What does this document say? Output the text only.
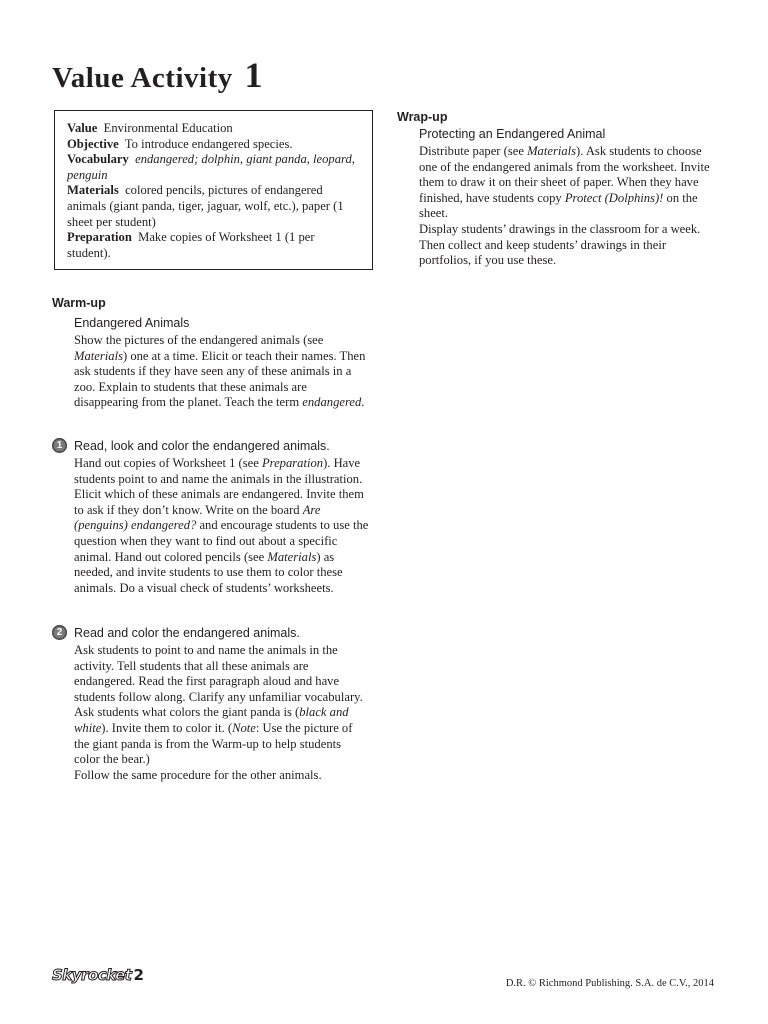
Value Activity 1
Value Environmental Education
Objective To introduce endangered species.
Vocabulary endangered; dolphin, giant panda, leopard, penguin
Materials colored pencils, pictures of endangered animals (giant panda, tiger, jaguar, wolf, etc.), paper (1 sheet per student)
Preparation Make copies of Worksheet 1 (1 per student).
Warm-up
Endangered Animals
Show the pictures of the endangered animals (see Materials) one at a time. Elicit or teach their names. Then ask students if they have seen any of these animals in a zoo. Explain to students that these animals are disappearing from the planet. Teach the term endangered.
1 Read, look and color the endangered animals.
Hand out copies of Worksheet 1 (see Preparation). Have students point to and name the animals in the illustration. Elicit which of these animals are endangered. Invite them to ask if they don’t know. Write on the board Are (penguins) endangered? and encourage students to use the question when they want to find out about a specific animal. Hand out colored pencils (see Materials) as needed, and invite students to use them to color these animals. Do a visual check of students’ worksheets.
2 Read and color the endangered animals.

Ask students to point to and name the animals in the activity. Tell students that all these animals are endangered. Read the first paragraph aloud and have students follow along. Clarify any unfamiliar vocabulary. Ask students what colors the giant panda is (black and white). Invite them to color it. (Note: Use the picture of the giant panda is from the Warm-up to help students color the bear.)

Follow the same procedure for the other animals.

Wrap-up
Protecting an Endangered Animal

Distribute paper (see Materials). Ask students to choose one of the endangered animals from the worksheet. Invite them to draw it on their sheet of paper. When they have finished, have students copy Protect (Dolphins)! on the sheet.

Display students’ drawings in the classroom for a week. Then collect and keep students’ drawings in their portfolios, if you use these.

Skyrocket 2	D.R. © Richmond Publishing. S.A. de C.V., 2014
